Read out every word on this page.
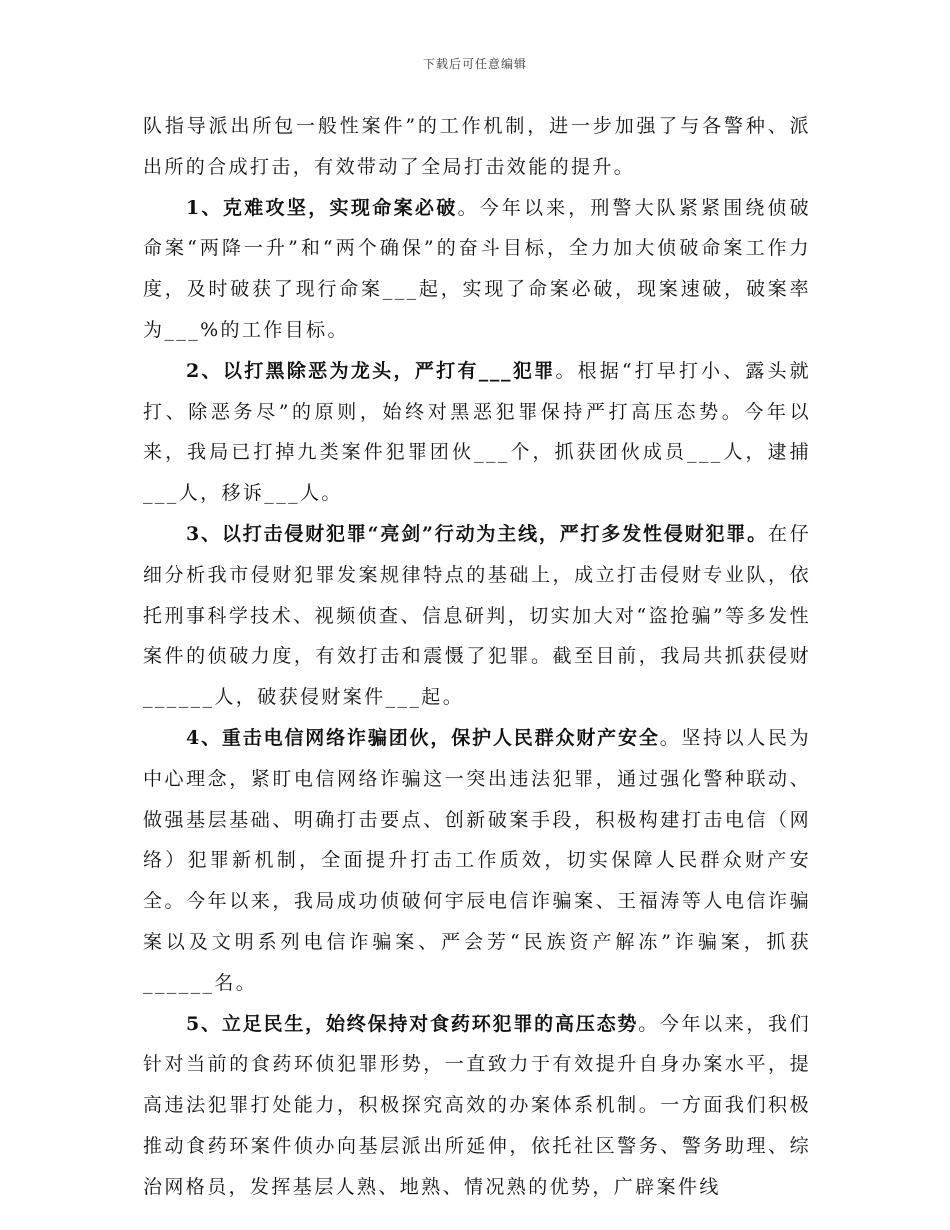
下载后可任意编辑

队指导派出所包一般性案件”的工作机制，进一步加强了与各警种、派出所的合成打击，有效带动了全局打击效能的提升。

1、克难攻坚，实现命案必破。今年以来，刑警大队紧紧围绕侦破命案“两降一升”和“两个确保”的奋斗目标，全力加大侦破命案工作力度，及时破获了现行命案___起，实现了命案必破，现案速破，破案率为___%的工作目标。

2、以打黑除恶为龙头，严打有___犯罪。根据“打早打小、露头就打、除恶务尽”的原则，始终对黑恶犯罪保持严打高压态势。今年以来，我局已打掉九类案件犯罪团伙___个，抓获团伙成员___人，逮捕___人，移诉___人。

3、以打击侵财犯罪“亮剑”行动为主线，严打多发性侵财犯罪。在仔细分析我市侵财犯罪发案规律特点的基础上，成立打击侵财专业队，依托刑事科学技术、视频侦查、信息研判，切实加大对“盗抢骗”等多发性案件的侦破力度，有效打击和震慑了犯罪。截至目前，我局共抓获侵财______人，破获侵财案件___起。

4、重击电信网络诈骗团伙，保护人民群众财产安全。坚持以人民为中心理念，紧盯电信网络诈骗这一突出违法犯罪，通过强化警种联动、做强基层基础、明确打击要点、创新破案手段，积极构建打击电信（网络）犯罪新机制，全面提升打击工作质效，切实保障人民群众财产安全。今年以来，我局成功侦破何宇辰电信诈骗案、王福涛等人电信诈骗案以及文明系列电信诈骗案、严会芳“民族资产解冻”诈骗案，抓获______名。

5、立足民生，始终保持对食药环犯罪的高压态势。今年以来，我们针对当前的食药环侦犯罪形势，一直致力于有效提升自身办案水平，提高违法犯罪打处能力，积极探究高效的办案体系机制。一方面我们积极推动食药环案件侦办向基层派出所延伸，依托社区警务、警务助理、综治网格员，发挥基层人熟、地熟、情况熟的优势，广辟案件线
